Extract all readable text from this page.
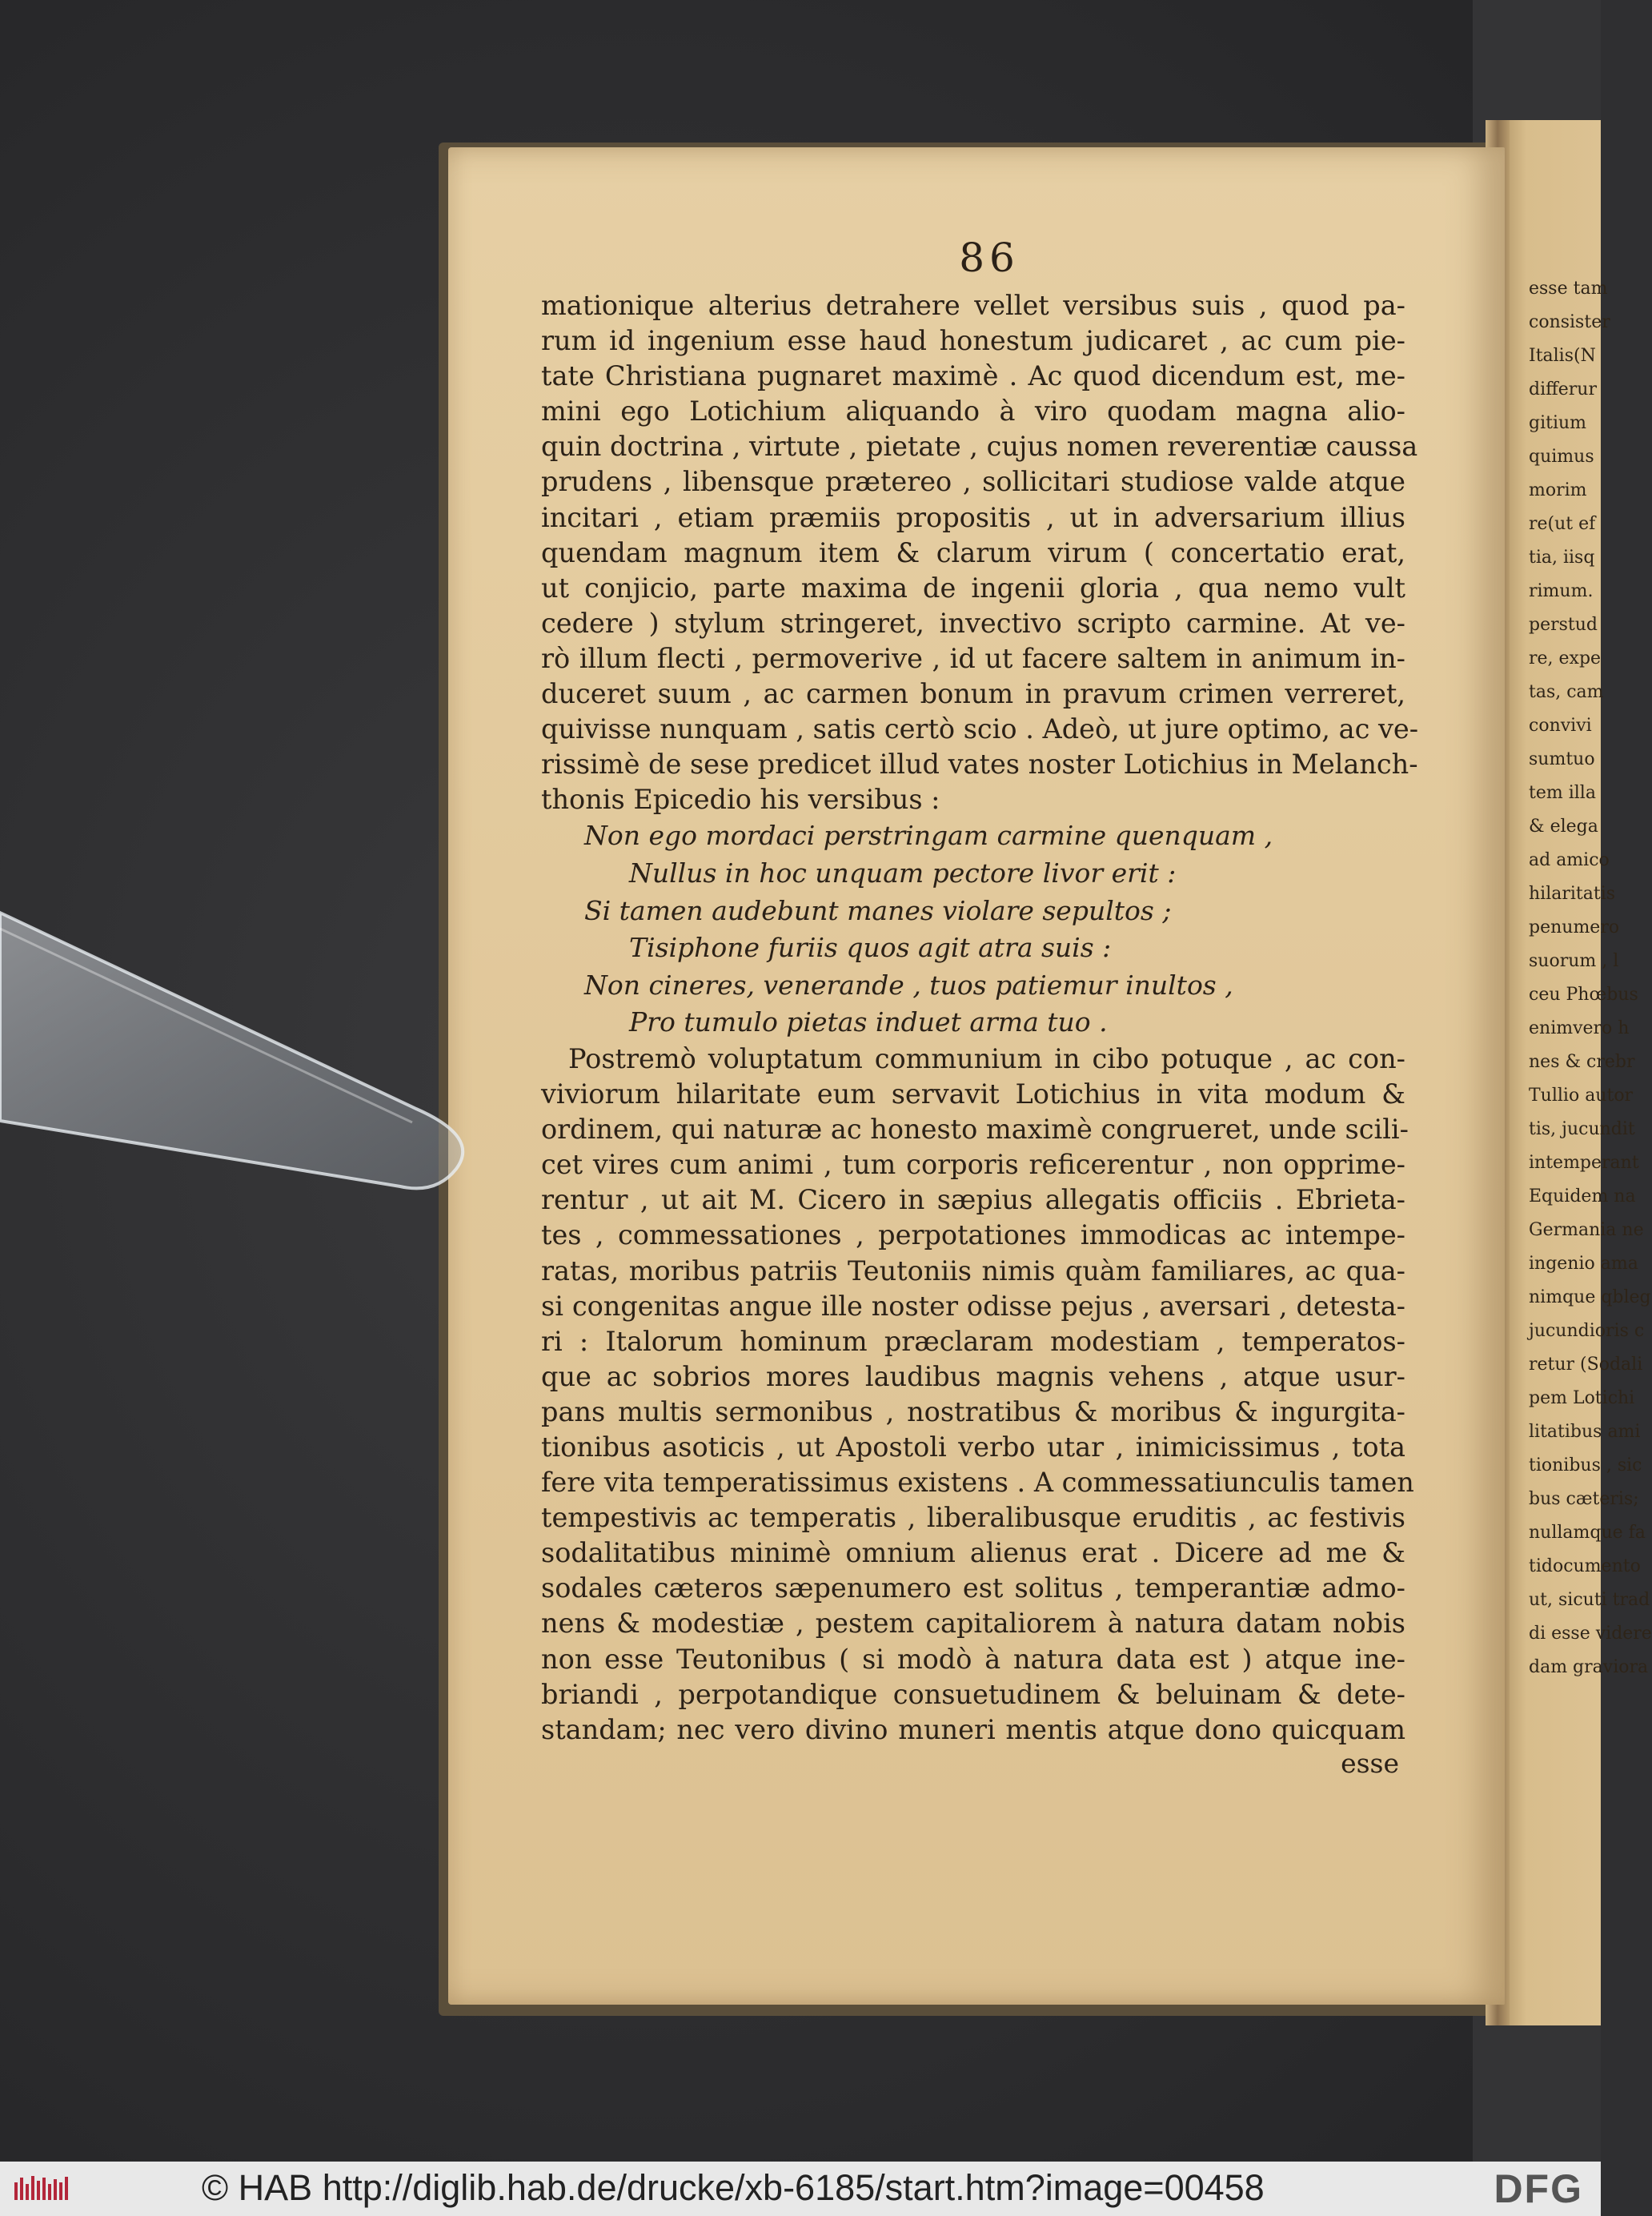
esse tam
consister
Italis(N
differur
gitium
quimus
morim
re(ut ef
tia, iisq
rimum.
perstud
re, expe
tas, cam
convivi
sumtuo
tem illa
& elega
ad amico
hilaritatis
penumero
suorum , l
ceu Phœbus
enimvero h
nes & crebr
Tullio autor
tis, jucundit
intemperant
Equidem na
Germania ne
ingenio ama
nimque qbleg
jucundioris c
retur (Sodali
pem Lotichi
litatibus ami
tionibus , sic
bus cæteris;
nullamque fa
tidocumento
ut, sicuti trad
di esse videre
dam graviora
86
mationique alterius detrahere vellet versibus suis , quod pa-
rum id ingenium esse haud honestum judicaret , ac cum pie-
tate Christiana pugnaret maximè . Ac quod dicendum est, me-
mini ego Lotichium aliquando à viro quodam magna alio-
quin doctrina , virtute , pietate , cujus nomen reverentiæ caussa
prudens , libensque prætereo , sollicitari studiose valde atque
incitari , etiam præmiis propositis , ut in adversarium illius
quendam magnum item & clarum virum ( concertatio erat,
ut conjicio, parte maxima de ingenii gloria , qua nemo vult
cedere ) stylum stringeret, invectivo scripto carmine. At ve-
rò illum flecti , permoverive , id ut facere saltem in animum in-
duceret suum , ac carmen bonum in pravum crimen verreret,
quivisse nunquam , satis certò scio . Adeò, ut jure optimo, ac ve-
rissimè de sese predicet illud vates noster Lotichius in Melanch-
thonis Epicedio his versibus :
Non ego mordaci perstringam carmine quenquam ,
Nullus in hoc unquam pectore livor erit :
Si tamen audebunt manes violare sepultos ;
Tisiphone furiis quos agit atra suis :
Non cineres, venerande , tuos patiemur inultos ,
Pro tumulo pietas induet arma tuo .
Postremò voluptatum communium in cibo potuque , ac con-
viviorum hilaritate eum servavit Lotichius in vita modum &
ordinem, qui naturæ ac honesto maximè congrueret, unde scili-
cet vires cum animi , tum corporis reficerentur , non opprime-
rentur , ut ait M. Cicero in sæpius allegatis officiis . Ebrieta-
tes , commessationes , perpotationes immodicas ac intempe-
ratas, moribus patriis Teutoniis nimis quàm familiares, ac qua-
si congenitas angue ille noster odisse pejus , aversari , detesta-
ri : Italorum hominum præclaram modestiam , temperatos-
que ac sobrios mores laudibus magnis vehens , atque usur-
pans multis sermonibus , nostratibus & moribus & ingurgita-
tionibus asoticis , ut Apostoli verbo utar , inimicissimus , tota
fere vita temperatissimus existens . A commessatiunculis tamen
tempestivis ac temperatis , liberalibusque eruditis , ac festivis
sodalitatibus minimè omnium alienus erat . Dicere ad me &
sodales cæteros sæpenumero est solitus , temperantiæ admo-
nens & modestiæ , pestem capitaliorem à natura datam nobis
non esse Teutonibus ( si modò à natura data est ) atque ine-
briandi , perpotandique consuetudinem & beluinam & dete-
standam; nec vero divino muneri mentis atque dono quicquam
esse
© HAB http://diglib.hab.de/drucke/xb-6185/start.htm?image=00458	DFG
